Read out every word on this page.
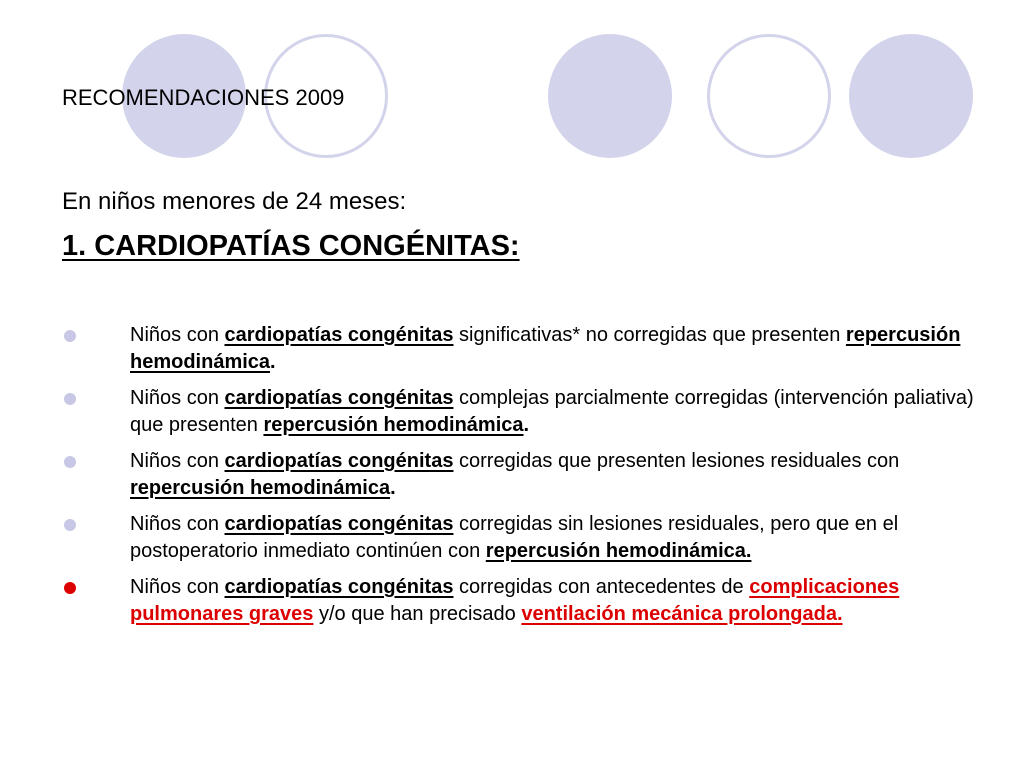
RECOMENDACIONES 2009
En niños menores de 24 meses:
1. CARDIOPATÍAS CONGÉNITAS:
Niños con cardiopatías congénitas significativas* no corregidas que presenten repercusión hemodinámica.
Niños con cardiopatías congénitas complejas parcialmente corregidas (intervención paliativa) que presenten repercusión hemodinámica.
Niños con cardiopatías congénitas corregidas que presenten lesiones residuales con repercusión hemodinámica.
Niños con cardiopatías congénitas corregidas sin lesiones residuales, pero que en el postoperatorio inmediato continúen con repercusión hemodinámica.
Niños con cardiopatías congénitas corregidas con antecedentes de complicaciones pulmonares graves y/o que han precisado ventilación mecánica prolongada.
